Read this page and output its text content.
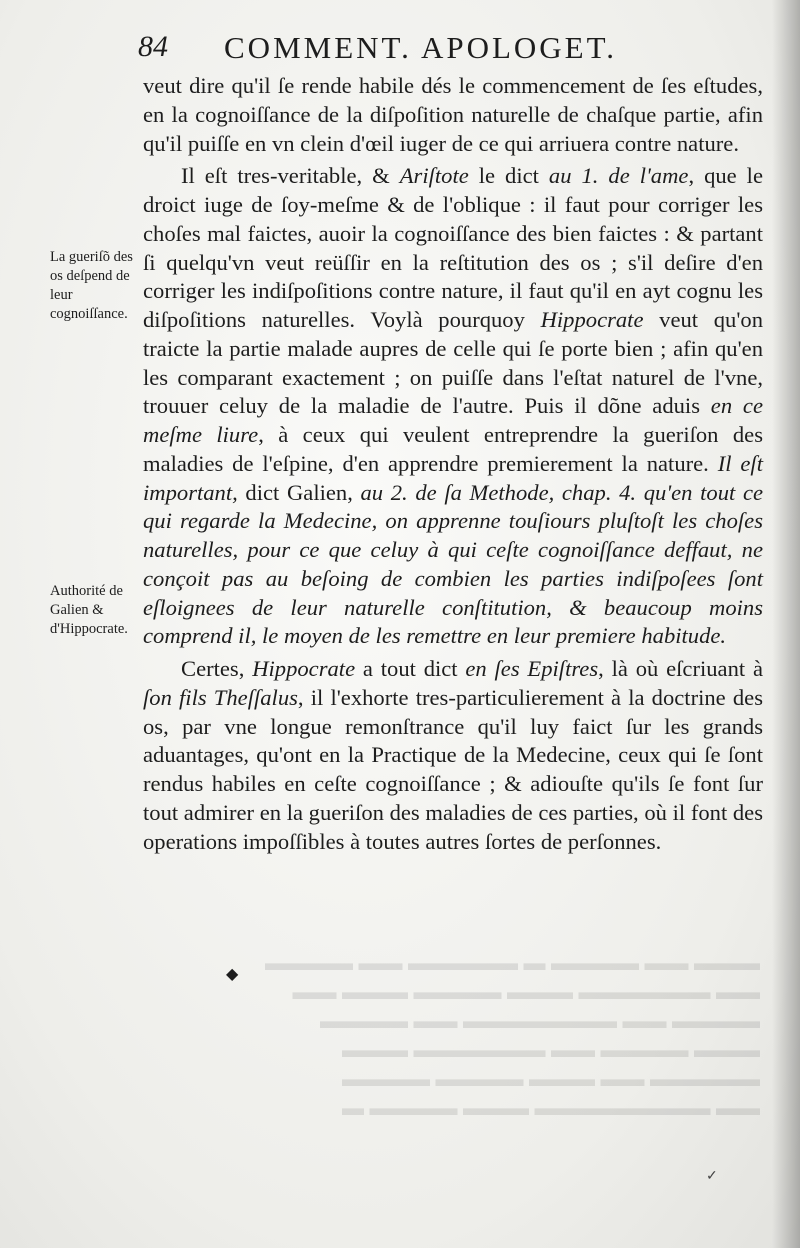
84 COMMENT. APOLOGET.
La gueriſõ des os deſpend de leur cognoiſſance.
Authorité de Galien & d'Hippocrate.

veut dire qu'il ſe rende habile dés le commencement de ſes eſtudes, en la cognoiſſance de la diſpoſition naturelle de chaſque partie, afin qu'il puiſſe en vn clein d'œil iuger de ce qui arriuera contre nature.

Il eſt tres-veritable, & Ariſtote le dict au 1. de l'ame, que le droict iuge de ſoy-meſme & de l'oblique : il faut pour corriger les choſes mal faictes, auoir la cognoiſſance des bien faictes : & partant ſi quelqu'vn veut reüſſir en la reſtitution des os ; s'il deſire d'en corriger les indiſpoſitions contre nature, il faut qu'il en ayt cognu les diſpoſitions naturelles. Voylà pourquoy Hippocrate veut qu'on traicte la partie malade aupres de celle qui ſe porte bien ; afin qu'en les comparant exactement ; on puiſſe dans l'eſtat naturel de l'vne, trouuer celuy de la maladie de l'autre. Puis il dõne aduis en ce meſme liure, à ceux qui veulent entreprendre la gueriſon des maladies de l'eſpine, d'en apprendre premierement la nature. Il eſt important, dict Galien, au 2. de ſa Methode, chap. 4. qu'en tout ce qui regarde la Medecine, on apprenne touſiours pluſtoſt les choſes naturelles, pour ce que celuy à qui ceſte cognoiſſance deffaut, ne conçoit pas au beſoing de combien les parties indiſpoſees ſont eſloignees de leur naturelle conſtitution, & beaucoup moins comprend il, le moyen de les remettre en leur premiere habitude.

Certes, Hippocrate a tout dict en ſes Epiſtres, là où eſcriuant à ſon fils Theſſalus, il l'exhorte tres-particulierement à la doctrine des os, par vne longue remonſtrance qu'il luy faict ſur les grands aduantages, qu'ont en la Practique de la Medecine, ceux qui ſe ſont rendus habiles en ceſte cognoiſſance ; & adiouſte qu'ils ſe font ſur tout admirer en la gueriſon des maladies de ces parties, où il font des operations impoſſibles à toutes autres ſortes de perſonnes.

▬▬▬ ▬▬ ▬▬▬▬ ▬ ▬▬▬▬▬ ▬▬ ▬▬▬▬
▬▬ ▬▬▬▬▬▬ ▬▬▬ ▬▬▬▬ ▬▬▬ ▬▬
▬▬▬▬ ▬▬ ▬▬▬▬▬▬▬ ▬▬ ▬▬▬▬
▬▬▬ ▬▬▬▬ ▬▬ ▬▬▬▬▬▬ ▬▬▬
▬▬▬▬▬ ▬▬ ▬▬▬ ▬▬▬▬ ▬▬▬▬
▬▬ ▬▬▬▬▬▬▬▬ ▬▬▬ ▬▬▬▬ ▬
◆
✓
